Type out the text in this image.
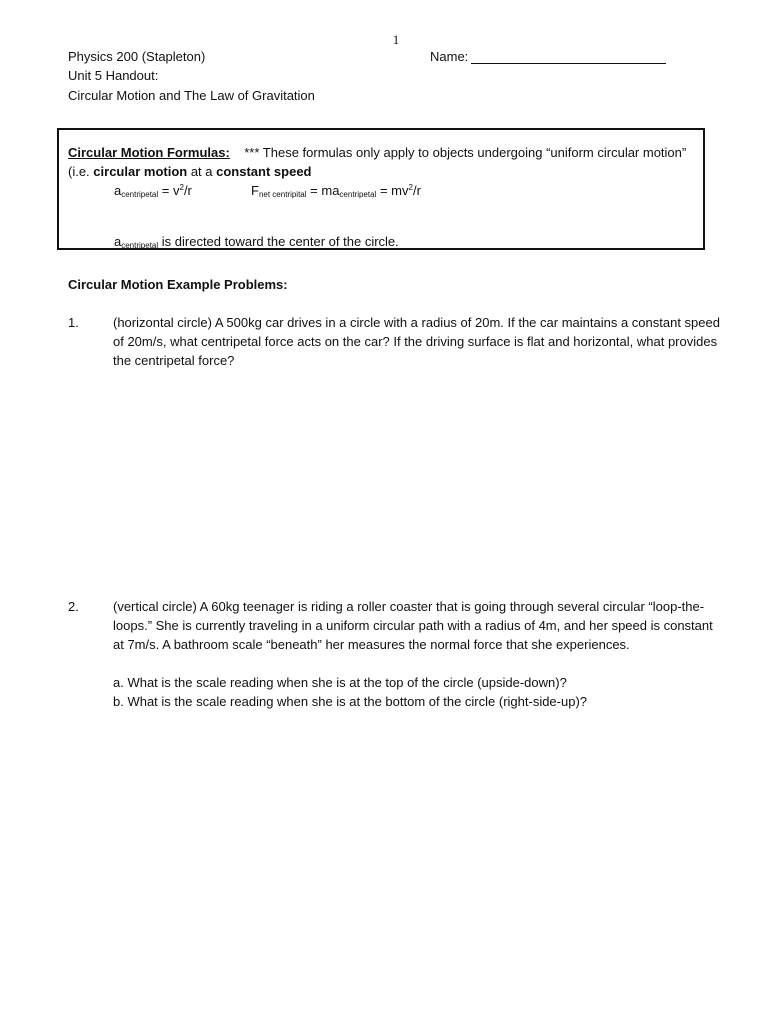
1
Physics 200 (Stapleton)
Unit 5 Handout:
Circular Motion and The Law of Gravitation
Name:
Circular Motion Formulas: *** These formulas only apply to objects undergoing “uniform circular motion” (i.e. circular motion at a constant speed
$a_{centripetal} = v^2/r$	$F_{net centripital} = ma_{centripetal} = mv^2/r$
$a_{centripetal}$ is directed toward the center of the circle.
Circular Motion Example Problems:
1.	(horizontal circle) A 500kg car drives in a circle with a radius of 20m. If the car maintains a constant speed of 20m/s, what centripetal force acts on the car? If the driving surface is flat and horizontal, what provides the centripetal force?
2.	(vertical circle) A 60kg teenager is riding a roller coaster that is going through several circular “loop-the-loops.” She is currently traveling in a uniform circular path with a radius of 4m, and her speed is constant at 7m/s. A bathroom scale “beneath” her measures the normal force that she experiences.
a. What is the scale reading when she is at the top of the circle (upside-down)?
b. What is the scale reading when she is at the bottom of the circle (right-side-up)?
